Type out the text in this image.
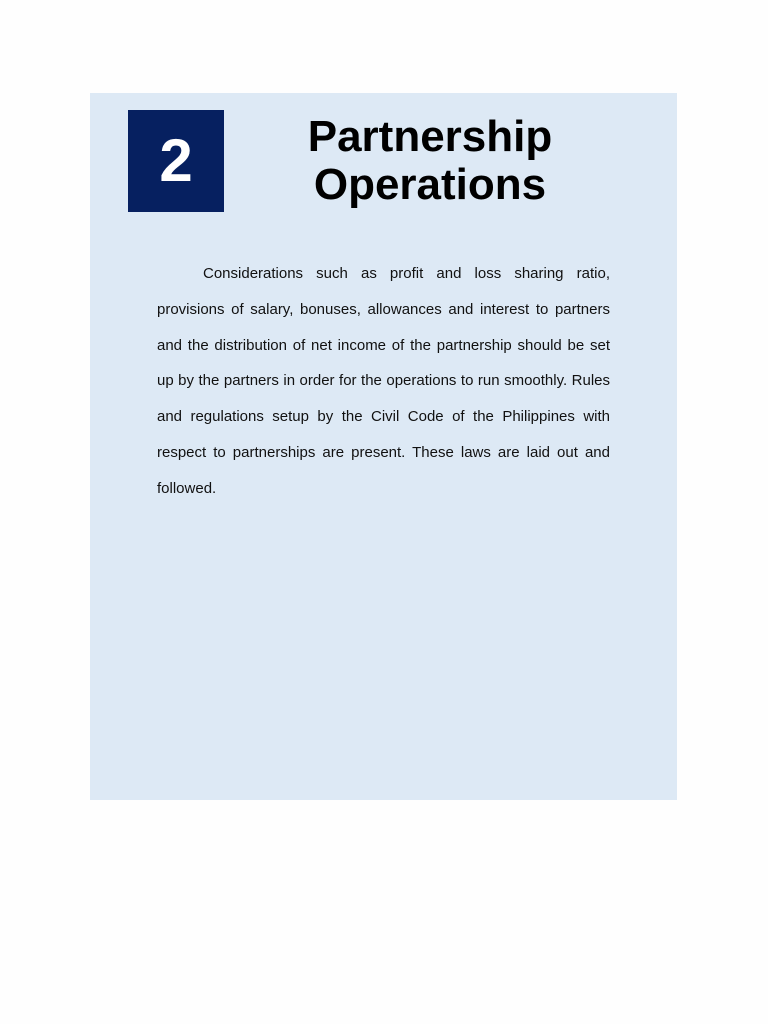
2	Partnership
Operations

Considerations such as profit and loss sharing ratio, provisions of salary, bonuses, allowances and interest to partners and the distribution of net income of the partnership should be set up by the partners in order for the operations to run smoothly. Rules and regulations setup by the Civil Code of the Philippines with respect to partnerships are present. These laws are laid out and followed.
